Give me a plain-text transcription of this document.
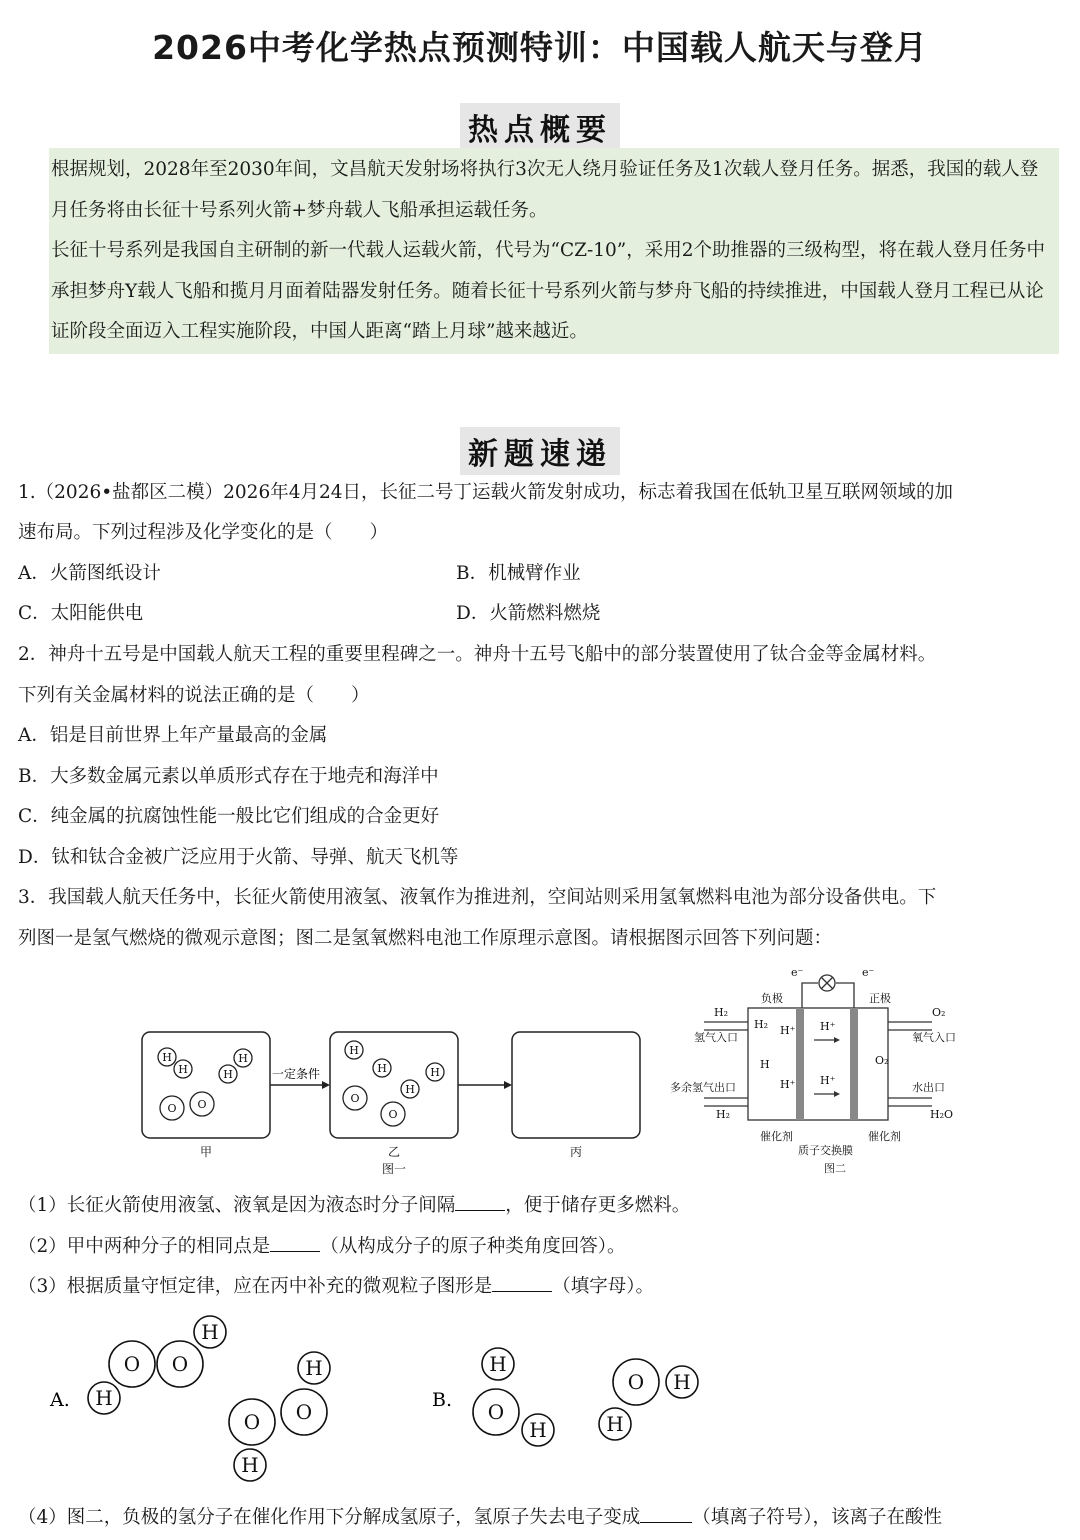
2026中考化学热点预测特训：中国载人航天与登月
热点概要

根据规划，2028年至2030年间，文昌航天发射场将执行3次无人绕月验证任务及1次载人登月任务。据悉，我国的载人登月任务将由长征十号系列火箭+梦舟载人飞船承担运载任务。

长征十号系列是我国自主研制的新一代载人运载火箭，代号为“CZ-10”，采用2个助推器的三级构型，将在载人登月任务中承担梦舟Y载人飞船和揽月月面着陆器发射任务。随着长征十号系列火箭与梦舟飞船的持续推进，中国载人登月工程已从论证阶段全面迈入工程实施阶段，中国人距离“踏上月球”越来越近。

新题速递
1.（2026•盐都区二模）2026年4月24日，长征二号丁运载火箭发射成功，标志着我国在低轨卫星互联网领域的加
速布局。下列过程涉及化学变化的是（　　）
A．火箭图纸设计	B．机械臂作业
C．太阳能供电	D．火箭燃料燃烧
2．神舟十五号是中国载人航天工程的重要里程碑之一。神舟十五号飞船中的部分装置使用了钛合金等金属材料。
下列有关金属材料的说法正确的是（　　）
A．铝是目前世界上年产量最高的金属
B．大多数金属元素以单质形式存在于地壳和海洋中
C．纯金属的抗腐蚀性能一般比它们组成的合金更好
D．钛和钛合金被广泛应用于火箭、导弹、航天飞机等
3．我国载人航天任务中，长征火箭使用液氢、液氧作为推进剂，空间站则采用氢氧燃料电池为部分设备供电。下
列图一是氢气燃烧的微观示意图；图二是氢氧燃料电池工作原理示意图。请根据图示回答下列问题：
一定条件
H
H
H
H
O O
H
H	H
H
O
O
甲	乙	丙
图一
e⁻	e⁻
负极	正极
H₂	O₂
氢气入口	氧气入口
多余氢气出口	水出口
H₂	H₂O
H₂
H
H⁺
H⁺
H⁺
H⁺
O₂
催化剂	催化剂
质子交换膜
图二
（1）长征火箭使用液氢、液氧是因为液态时分子间隔	，便于储存更多燃料。
（2）甲中两种分子的相同点是	（从构成分子的原子种类角度回答）。
（3）根据质量守恒定律，应在丙中补充的微观粒子图形是	（填字母）。
O O
H
H
O O
H
H
H
O
H
O H
H
A.	B.
（4）图二，负极的氢分子在催化作用下分解成氢原子，氢原子失去电子变成	（填离子符号），该离子在酸性
